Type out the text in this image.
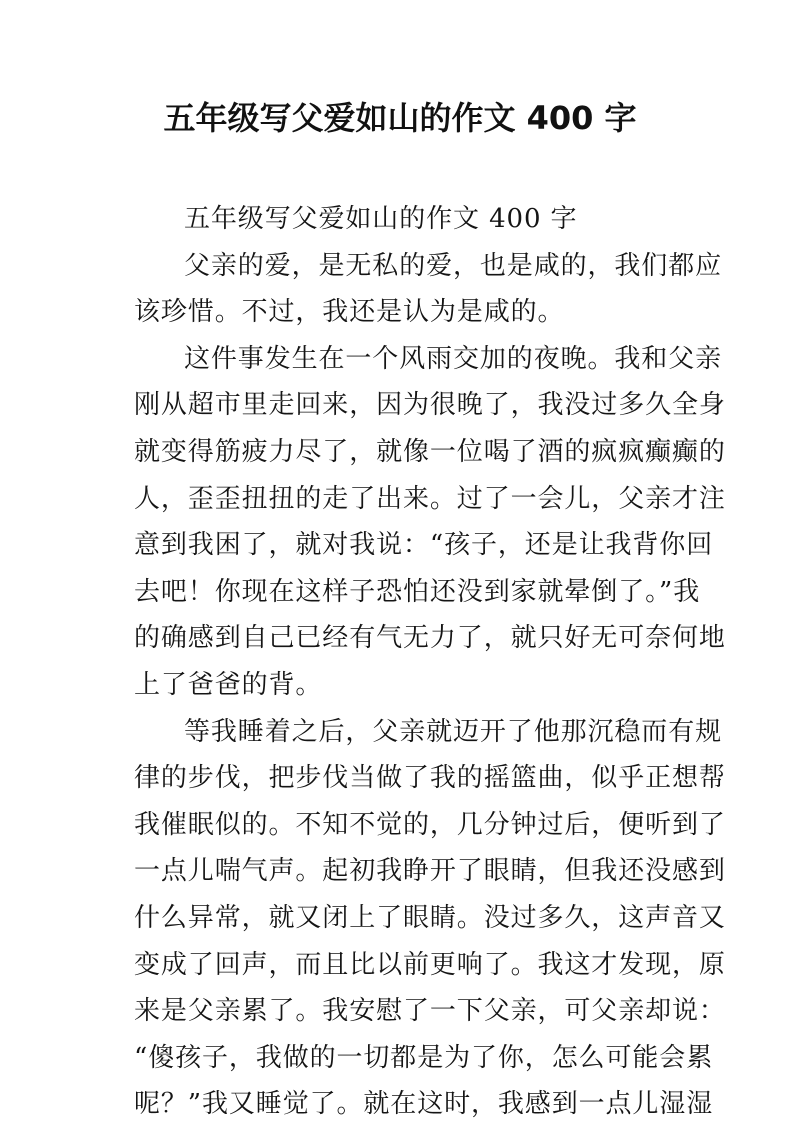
五年级写父爱如山的作文 400 字
五年级写父爱如山的作文 400 字
父亲的爱，是无私的爱，也是咸的，我们都应
该珍惜。不过，我还是认为是咸的。
这件事发生在一个风雨交加的夜晚。我和父亲
刚从超市里走回来，因为很晚了，我没过多久全身
就变得筋疲力尽了，就像一位喝了酒的疯疯癫癫的
人，歪歪扭扭的走了出来。过了一会儿，父亲才注
意到我困了，就对我说：“孩子，还是让我背你回
去吧！你现在这样子恐怕还没到家就晕倒了。”我
的确感到自己已经有气无力了，就只好无可奈何地
上了爸爸的背。
等我睡着之后，父亲就迈开了他那沉稳而有规
律的步伐，把步伐当做了我的摇篮曲，似乎正想帮
我催眠似的。不知不觉的，几分钟过后，便听到了
一点儿喘气声。起初我睁开了眼睛，但我还没感到
什么异常，就又闭上了眼睛。没过多久，这声音又
变成了回声，而且比以前更响了。我这才发现，原
来是父亲累了。我安慰了一下父亲，可父亲却说：
“傻孩子，我做的一切都是为了你，怎么可能会累
呢？”我又睡觉了。就在这时，我感到一点儿湿湿
